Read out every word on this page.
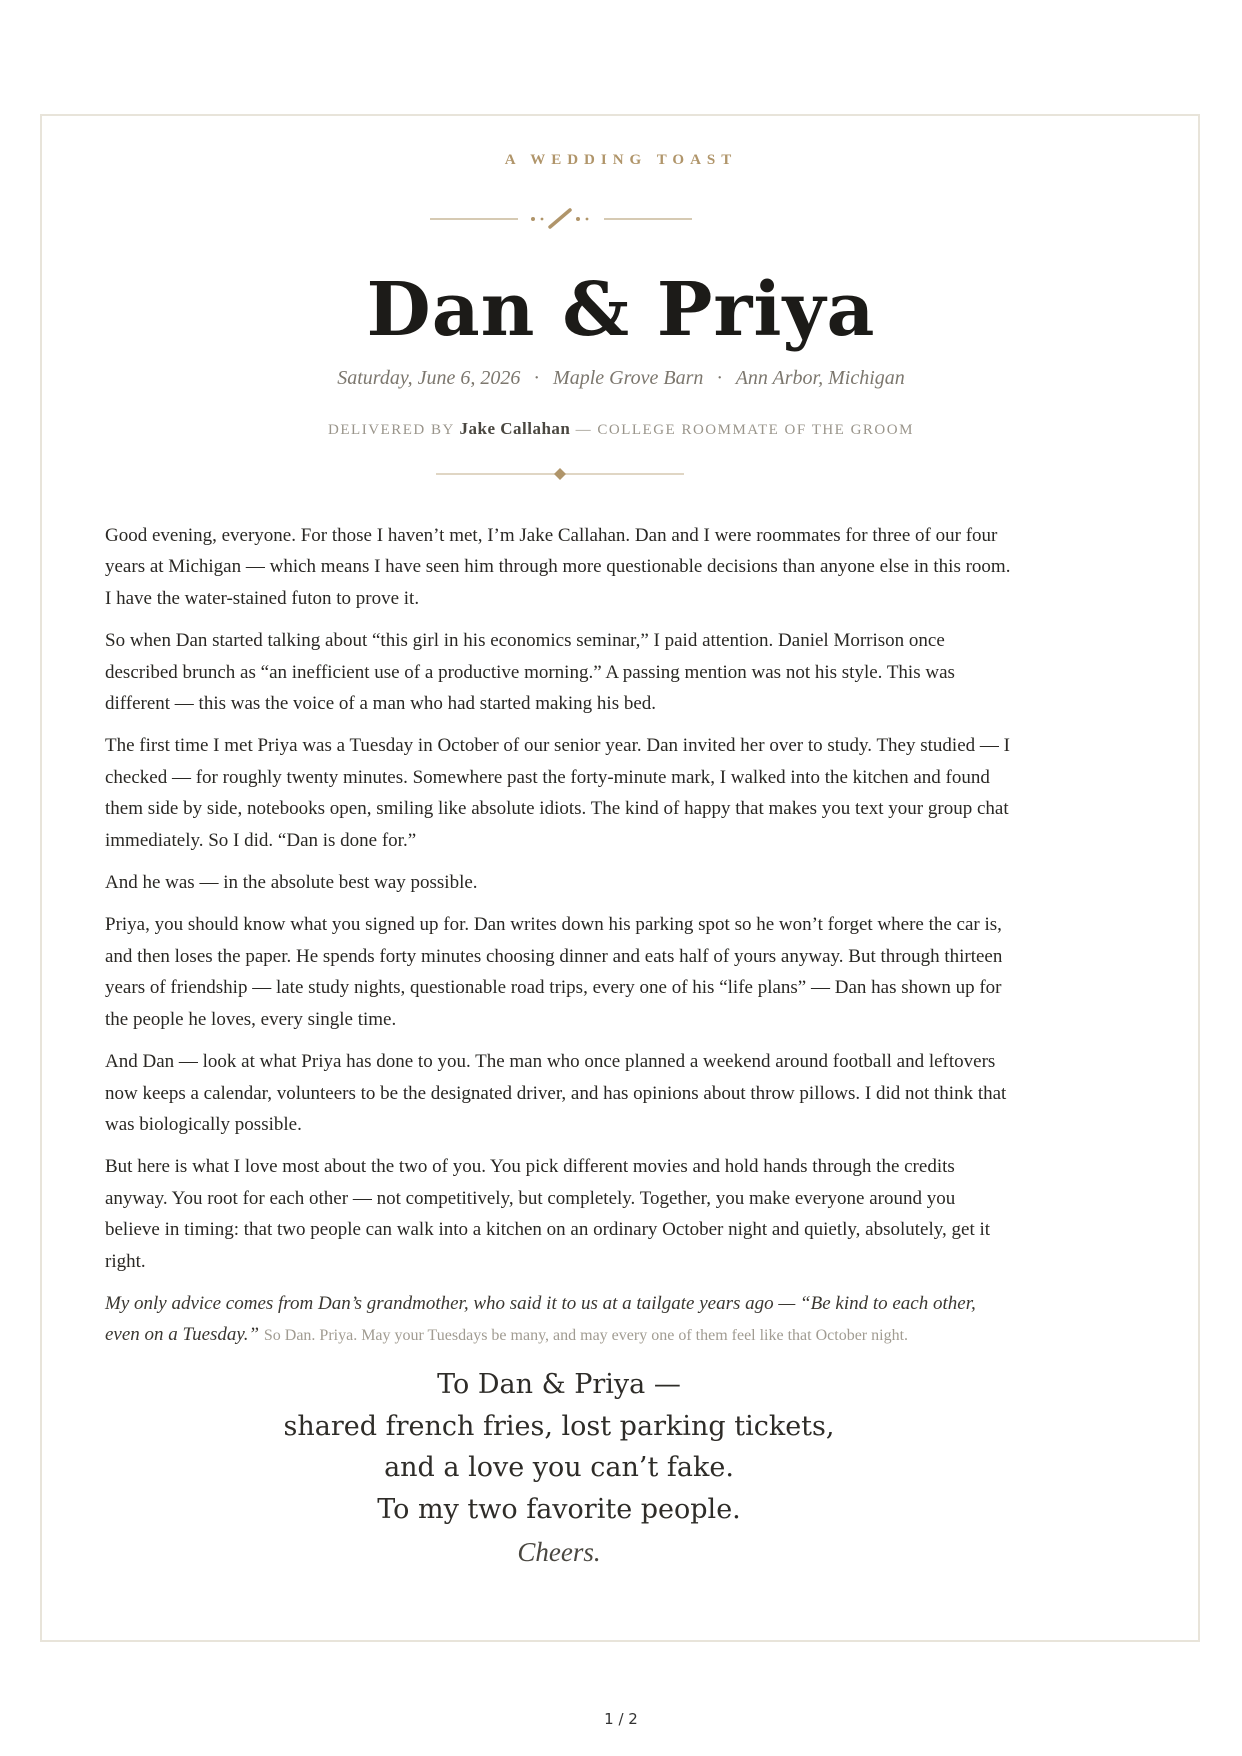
A WEDDING TOAST
Dan & Priya
Saturday, June 6, 2026 · Maple Grove Barn · Ann Arbor, Michigan
DELIVERED BY Jake Callahan — COLLEGE ROOMMATE OF THE GROOM

Good evening, everyone. For those I haven’t met, I’m Jake Callahan. Dan and I were roommates for three of our four years at Michigan — which means I have seen him through more questionable decisions than anyone else in this room. I have the water-stained futon to prove it.

So when Dan started talking about “this girl in his economics seminar,” I paid attention. Daniel Morrison once described brunch as “an inefficient use of a productive morning.” A passing mention was not his style. This was different — this was the voice of a man who had started making his bed.

The first time I met Priya was a Tuesday in October of our senior year. Dan invited her over to study. They studied — I checked — for roughly twenty minutes. Somewhere past the forty-minute mark, I walked into the kitchen and found them side by side, notebooks open, smiling like absolute idiots. The kind of happy that makes you text your group chat immediately. So I did. “Dan is done for.”

And he was — in the absolute best way possible.

Priya, you should know what you signed up for. Dan writes down his parking spot so he won’t forget where the car is, and then loses the paper. He spends forty minutes choosing dinner and eats half of yours anyway. But through thirteen years of friendship — late study nights, questionable road trips, every one of his “life plans” — Dan has shown up for the people he loves, every single time.

And Dan — look at what Priya has done to you. The man who once planned a weekend around football and leftovers now keeps a calendar, volunteers to be the designated driver, and has opinions about throw pillows. I did not think that was biologically possible.

But here is what I love most about the two of you. You pick different movies and hold hands through the credits anyway. You root for each other — not competitively, but completely. Together, you make everyone around you believe in timing: that two people can walk into a kitchen on an ordinary October night and quietly, absolutely, get it right.

My only advice comes from Dan’s grandmother, who said it to us at a tailgate years ago — “Be kind to each other, even on a Tuesday.” So Dan. Priya. May your Tuesdays be many, and may every one of them feel like that October night.

To Dan & Priya —
shared french fries, lost parking tickets,
and a love you can’t fake.
To my two favorite people.
Cheers.
1 / 2
